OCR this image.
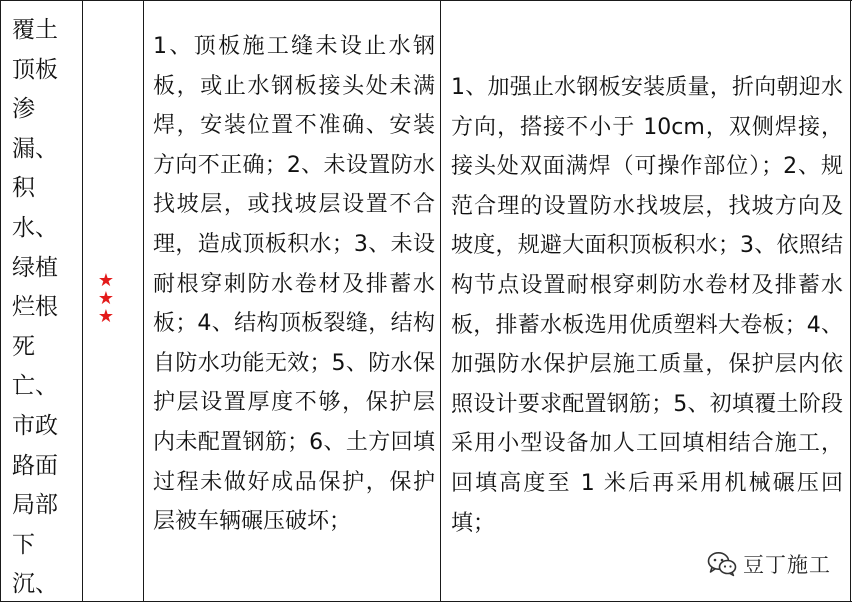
覆土顶板渗漏、积水、绿植烂根死亡、市政路面局部下沉、
★
★
★
1、顶板施工缝未设止水钢板，或止水钢板接头处未满焊，安装位置不准确、安装方向不正确；2、未设置防水找坡层，或找坡层设置不合理，造成顶板积水；3、未设耐根穿刺防水卷材及排蓄水板；4、结构顶板裂缝，结构自防水功能无效；5、防水保护层设置厚度不够，保护层内未配置钢筋；6、土方回填过程未做好成品保护，保护层被车辆碾压破坏；
1、加强止水钢板安装质量，折向朝迎水方向，搭接不小于 10cm，双侧焊接，接头处双面满焊（可操作部位）；2、规范合理的设置防水找坡层，找坡方向及坡度，规避大面积顶板积水；3、依照结构节点设置耐根穿刺防水卷材及排蓄水板，排蓄水板选用优质塑料大卷板；4、加强防水保护层施工质量，保护层内依照设计要求配置钢筋；5、初填覆土阶段采用小型设备加人工回填相结合施工，回填高度至 1 米后再采用机械碾压回填；
豆丁施工
